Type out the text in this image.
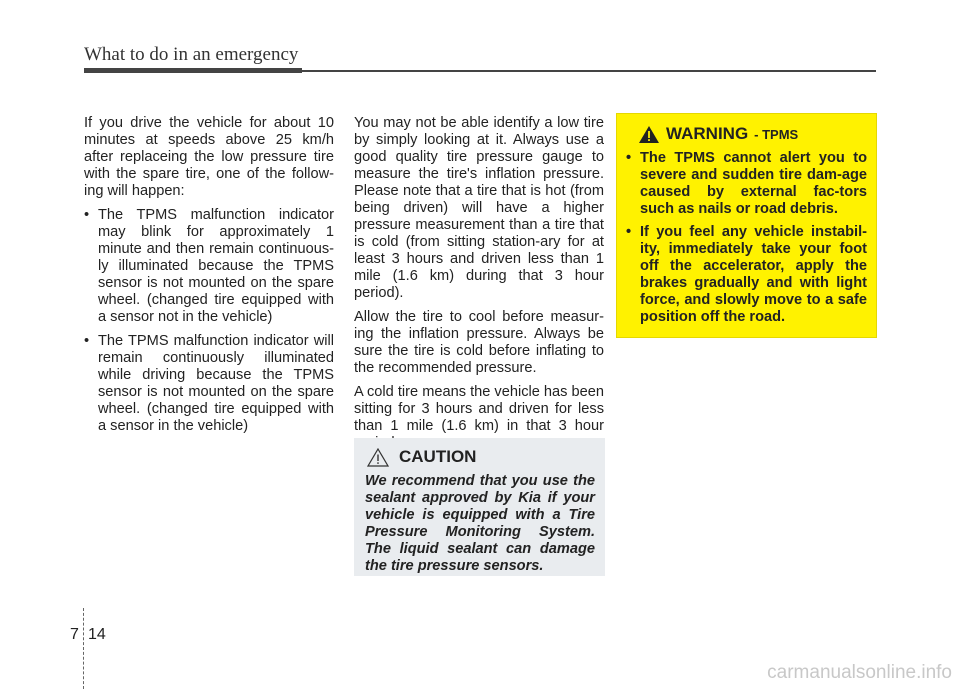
What to do in an emergency

If you drive the vehicle for about 10 minutes at speeds above 25 km/h after replaceing the low pressure tire with the spare tire, one of the follow-ing will happen:

• The TPMS malfunction indicator may blink for approximately 1 minute and then remain continuous-ly illuminated because the TPMS sensor is not mounted on the spare wheel. (changed tire equipped with a sensor not in the vehicle)
• The TPMS malfunction indicator will remain continuously illuminated while driving because the TPMS sensor is not mounted on the spare wheel. (changed tire equipped with a sensor in the vehicle)

You may not be able identify a low tire by simply looking at it. Always use a good quality tire pressure gauge to measure the tire's inflation pressure. Please note that a tire that is hot (from being driven) will have a higher pressure measurement than a tire that is cold (from sitting station-ary for at least 3 hours and driven less than 1 mile (1.6 km) during that 3 hour period).

Allow the tire to cool before measur-ing the inflation pressure. Always be sure the tire is cold before inflating to the recommended pressure.

A cold tire means the vehicle has been sitting for 3 hours and driven for less than 1 mile (1.6 km) in that 3 hour

CAUTION

We recommend that you use the sealant approved by Kia if your vehicle is equipped with a Tire Pressure Monitoring System. The liquid sealant can damage the tire pressure sensors.

WARNING - TPMS
• The TPMS cannot alert you to severe and sudden tire dam-age caused by external fac-tors such as nails or road debris.
• If you feel any vehicle instabil-ity, immediately take your foot off the accelerator, apply the brakes gradually and with light force, and slowly move to a safe position off the road.
7 14
carmanualsonline.info
